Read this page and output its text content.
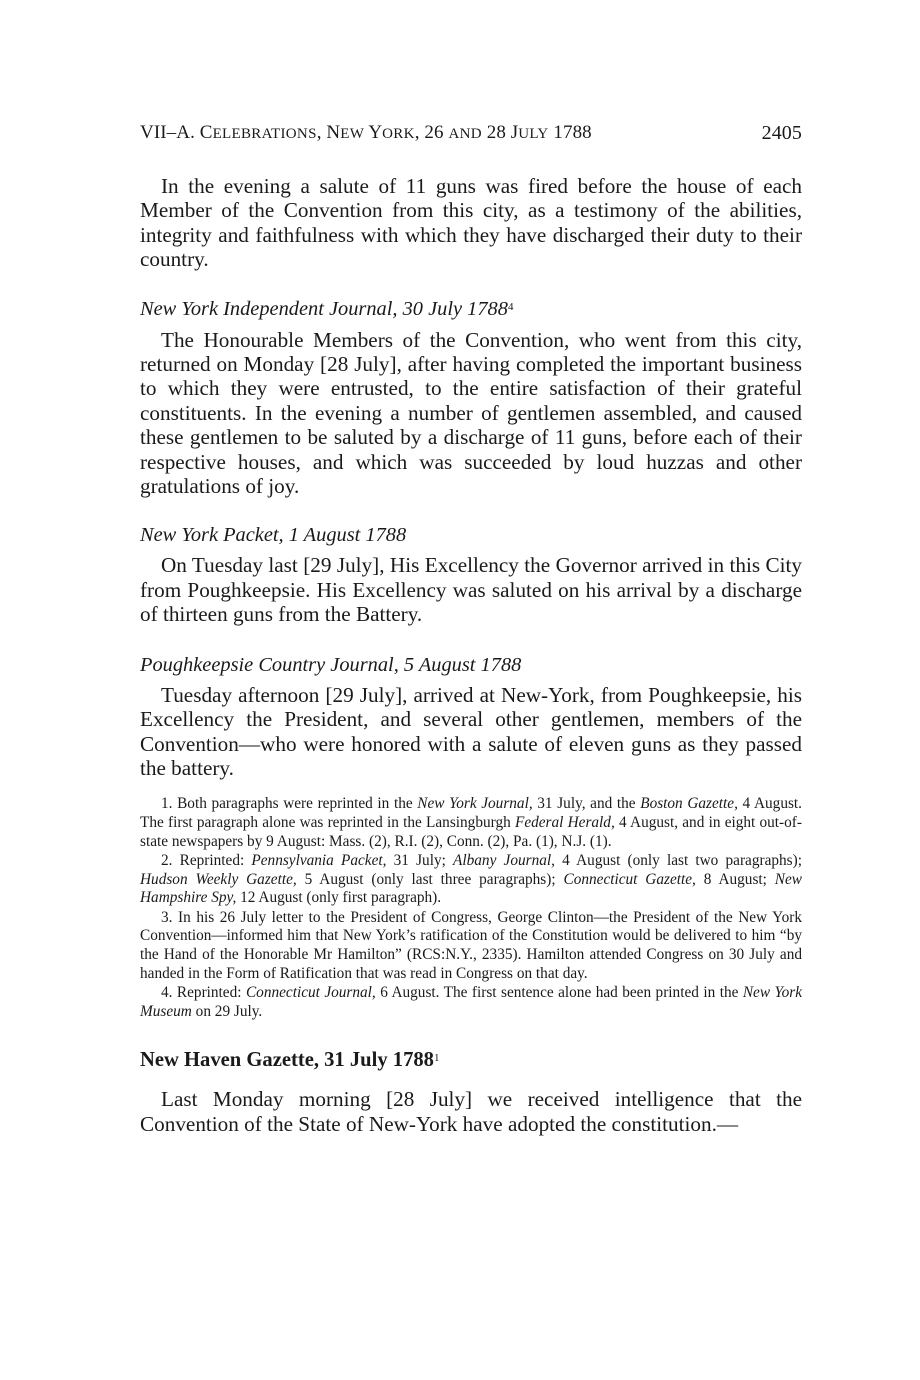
VII–A. CELEBRATIONS, NEW YORK, 26 AND 28 JULY 1788	2405

In the evening a salute of 11 guns was fired before the house of each Member of the Convention from this city, as a testimony of the abilities, integrity and faithfulness with which they have discharged their duty to their country.

New York Independent Journal, 30 July 1788$^4$

The Honourable Members of the Convention, who went from this city, returned on Monday [28 July], after having completed the important business to which they were entrusted, to the entire satisfaction of their grateful constituents. In the evening a number of gentlemen assembled, and caused these gentlemen to be saluted by a discharge of 11 guns, before each of their respective houses, and which was succeeded by loud huzzas and other gratulations of joy.

New York Packet, 1 August 1788

On Tuesday last [29 July], His Excellency the Governor arrived in this City from Poughkeepsie. His Excellency was saluted on his arrival by a discharge of thirteen guns from the Battery.

Poughkeepsie Country Journal, 5 August 1788

Tuesday afternoon [29 July], arrived at New-York, from Poughkeepsie, his Excellency the President, and several other gentlemen, members of the Convention—who were honored with a salute of eleven guns as they passed the battery.

1. Both paragraphs were reprinted in the New York Journal, 31 July, and the Boston Gazette, 4 August. The first paragraph alone was reprinted in the Lansingburgh Federal Herald, 4 August, and in eight out-of-state newspapers by 9 August: Mass. (2), R.I. (2), Conn. (2), Pa. (1), N.J. (1).

2. Reprinted: Pennsylvania Packet, 31 July; Albany Journal, 4 August (only last two paragraphs); Hudson Weekly Gazette, 5 August (only last three paragraphs); Connecticut Gazette, 8 August; New Hampshire Spy, 12 August (only first paragraph).

3. In his 26 July letter to the President of Congress, George Clinton—the President of the New York Convention—informed him that New York’s ratification of the Constitution would be delivered to him “by the Hand of the Honorable Mr Hamilton” (RCS:N.Y., 2335). Hamilton attended Congress on 30 July and handed in the Form of Ratification that was read in Congress on that day.

4. Reprinted: Connecticut Journal, 6 August. The first sentence alone had been printed in the New York Museum on 29 July.

New Haven Gazette, 31 July 1788$^1$

Last Monday morning [28 July] we received intelligence that the Convention of the State of New-York have adopted the constitution.—
